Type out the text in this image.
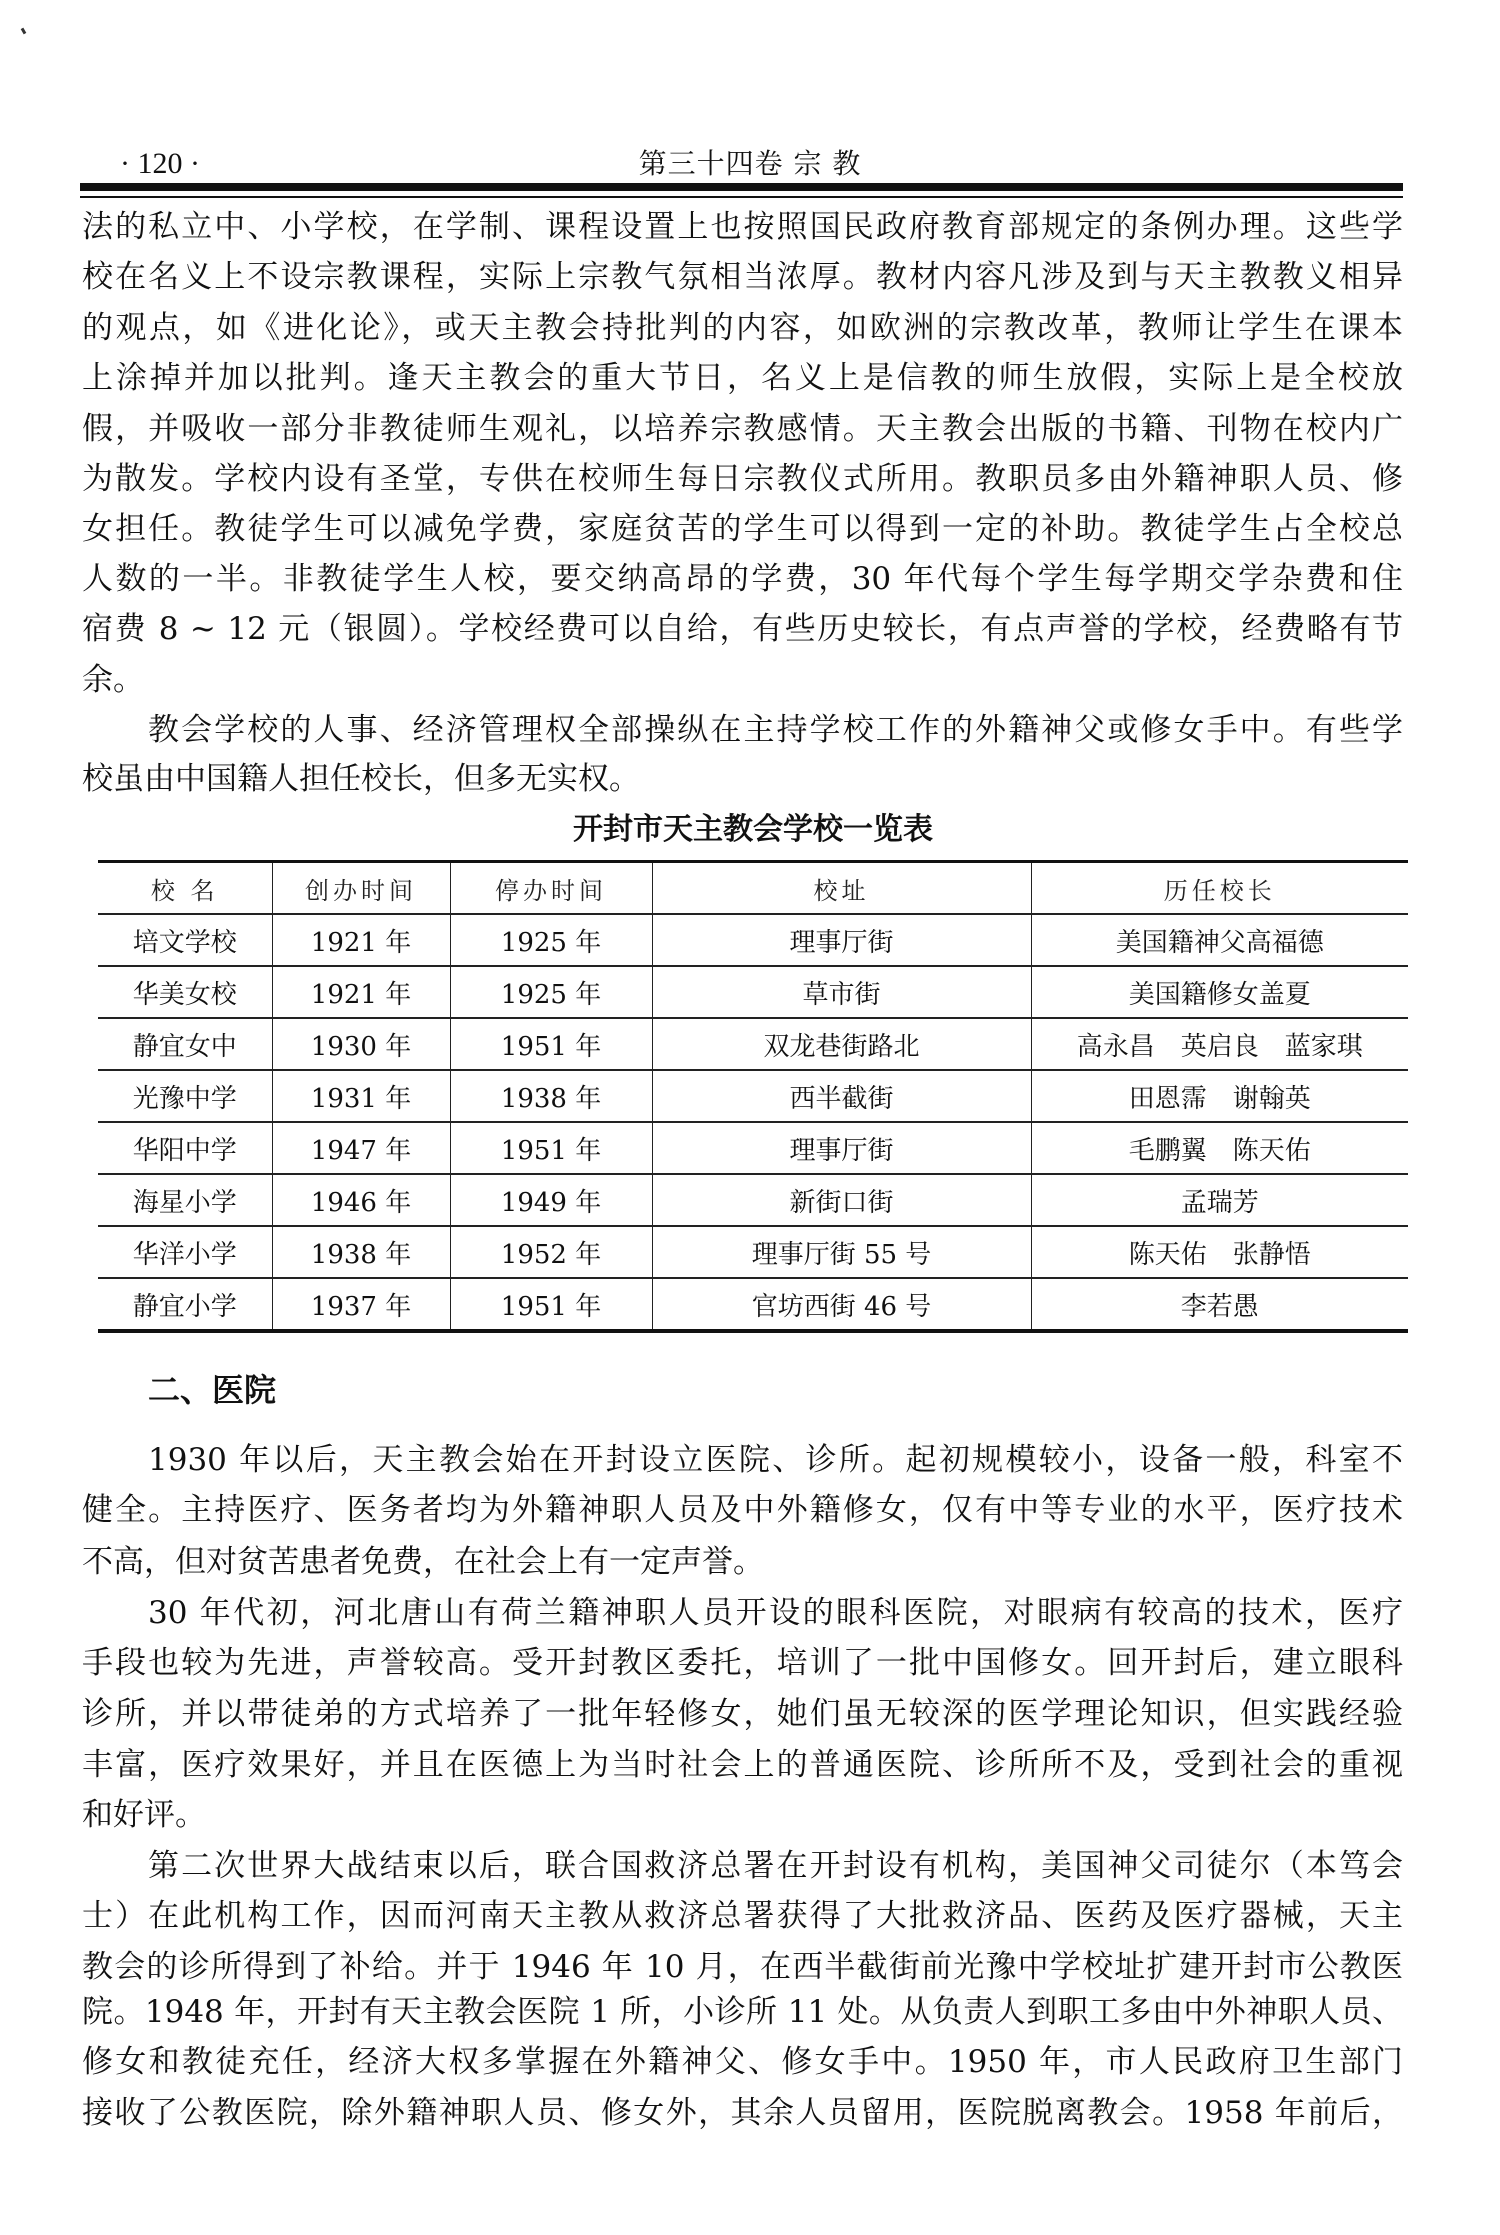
· 120 ·	第三十四卷 宗 教
法的私立中、小学校，在学制、课程设置上也按照国民政府教育部规定的条例办理。这些学
校在名义上不设宗教课程，实际上宗教气氛相当浓厚。教材内容凡涉及到与天主教教义相异
的观点，如《进化论》，或天主教会持批判的内容，如欧洲的宗教改革，教师让学生在课本
上涂掉并加以批判。逢天主教会的重大节日，名义上是信教的师生放假，实际上是全校放
假，并吸收一部分非教徒师生观礼，以培养宗教感情。天主教会出版的书籍、刊物在校内广
为散发。学校内设有圣堂，专供在校师生每日宗教仪式所用。教职员多由外籍神职人员、修
女担任。教徒学生可以减免学费，家庭贫苦的学生可以得到一定的补助。教徒学生占全校总
人数的一半。非教徒学生人校，要交纳高昂的学费，30 年代每个学生每学期交学杂费和住
宿费 8 ~ 12 元（银圆）。学校经费可以自给，有些历史较长，有点声誉的学校，经费略有节
余。
教会学校的人事、经济管理权全部操纵在主持学校工作的外籍神父或修女手中。有些学
校虽由中国籍人担任校长，但多无实权。
开封市天主教会学校一览表
校 名	创办时间	停办时间	校址	历任校长
培文学校	1921 年	1925 年	理事厅街	美国籍神父高福德
华美女校	1921 年	1925 年	草市街	美国籍修女盖夏
静宜女中	1930 年	1951 年	双龙巷街路北	高永昌　英启良　蓝家琪
光豫中学	1931 年	1938 年	西半截街	田恩霈　谢翰英
华阳中学	1947 年	1951 年	理事厅街	毛鹏翼　陈天佑
海星小学	1946 年	1949 年	新街口街	孟瑞芳
华洋小学	1938 年	1952 年	理事厅街 55 号	陈天佑　张静悟
静宜小学	1937 年	1951 年	官坊西街 46 号	李若愚
二、医院
1930 年以后，天主教会始在开封设立医院、诊所。起初规模较小，设备一般，科室不
健全。主持医疗、医务者均为外籍神职人员及中外籍修女，仅有中等专业的水平，医疗技术
不高，但对贫苦患者免费，在社会上有一定声誉。
30 年代初，河北唐山有荷兰籍神职人员开设的眼科医院，对眼病有较高的技术，医疗
手段也较为先进，声誉较高。受开封教区委托，培训了一批中国修女。回开封后，建立眼科
诊所，并以带徒弟的方式培养了一批年轻修女，她们虽无较深的医学理论知识，但实践经验
丰富，医疗效果好，并且在医德上为当时社会上的普通医院、诊所所不及，受到社会的重视
和好评。
第二次世界大战结束以后，联合国救济总署在开封设有机构，美国神父司徒尔（本笃会
士）在此机构工作，因而河南天主教从救济总署获得了大批救济品、医药及医疗器械，天主
教会的诊所得到了补给。并于 1946 年 10 月，在西半截街前光豫中学校址扩建开封市公教医
院。1948 年，开封有天主教会医院 1 所，小诊所 11 处。从负责人到职工多由中外神职人员、
修女和教徒充任，经济大权多掌握在外籍神父、修女手中。1950 年，市人民政府卫生部门
接收了公教医院，除外籍神职人员、修女外，其余人员留用，医院脱离教会。1958 年前后，
